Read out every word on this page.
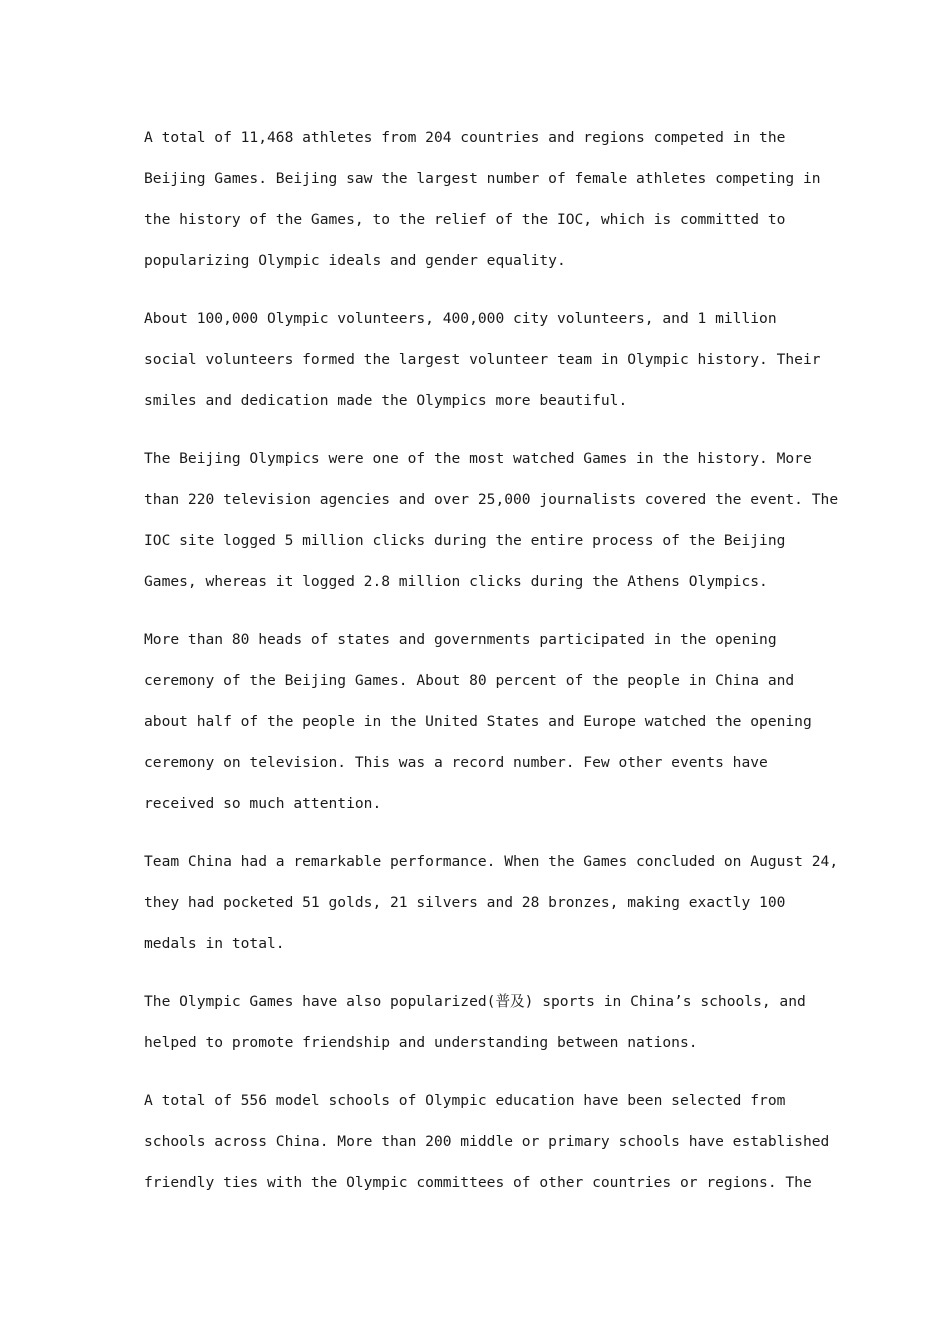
A total of 11,468 athletes from 204 countries and regions competed in the
Beijing Games. Beijing saw the largest number of female athletes competing in
the history of the Games, to the relief of the IOC, which is committed to
popularizing Olympic ideals and gender equality.

About 100,000 Olympic volunteers, 400,000 city volunteers, and 1 million
social volunteers formed the largest volunteer team in Olympic history. Their
smiles and dedication made the Olympics more beautiful.

The Beijing Olympics were one of the most watched Games in the history. More
than 220 television agencies and over 25,000 journalists covered the event. The
IOC site logged 5 million clicks during the entire process of the Beijing
Games, whereas it logged 2.8 million clicks during the Athens Olympics.

More than 80 heads of states and governments participated in the opening
ceremony of the Beijing Games. About 80 percent of the people in China and
about half of the people in the United States and Europe watched the opening
ceremony on television. This was a record number. Few other events have
received so much attention.

Team China had a remarkable performance. When the Games concluded on August 24,
they had pocketed 51 golds, 21 silvers and 28 bronzes, making exactly 100
medals in total.

The Olympic Games have also popularized(普及) sports in China’s schools, and
helped to promote friendship and understanding between nations.

A total of 556 model schools of Olympic education have been selected from
schools across China. More than 200 middle or primary schools have established
friendly ties with the Olympic committees of other countries or regions. The
